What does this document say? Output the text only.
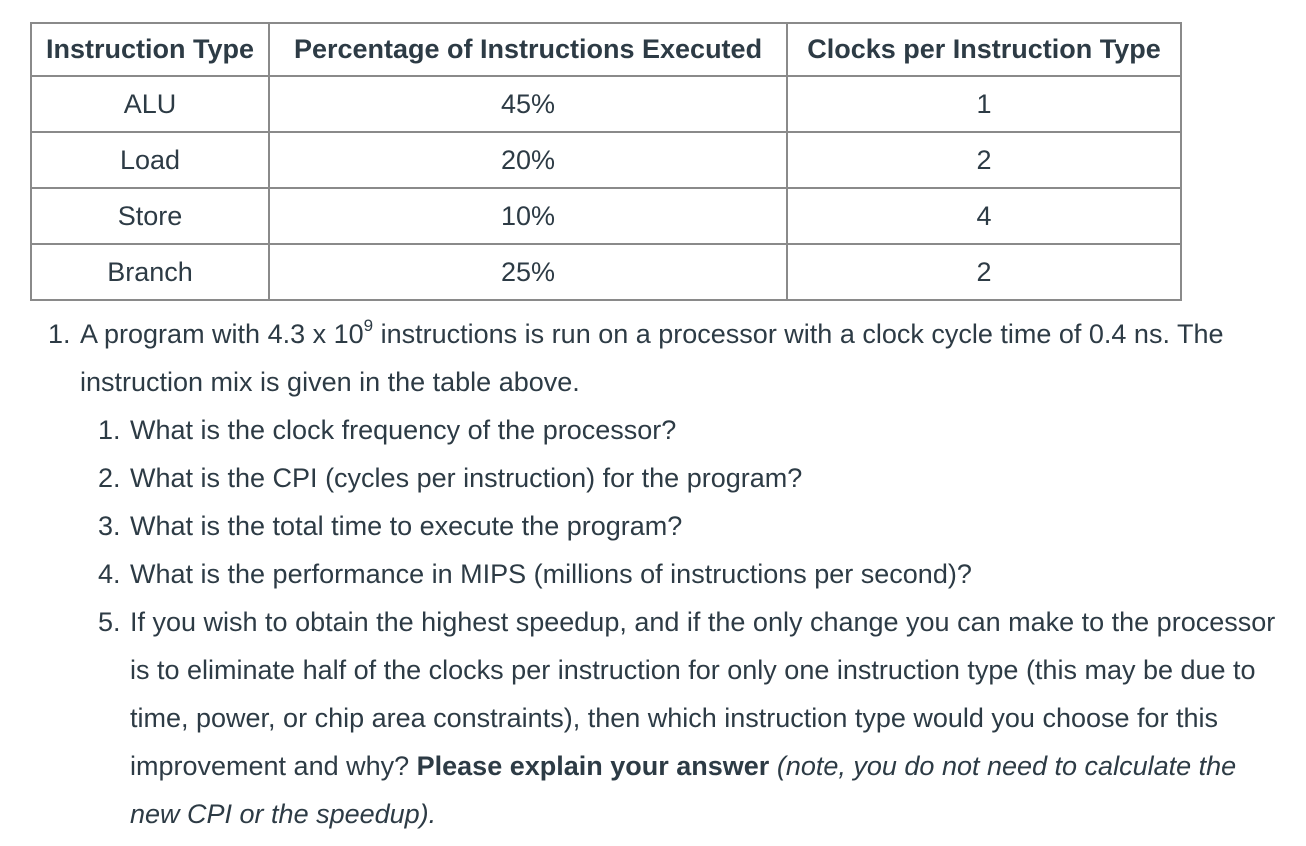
Instruction Type	Percentage of Instructions Executed	Clocks per Instruction Type
ALU	45%	1
Load	20%	2
Store	10%	4
Branch	25%	2
1. A program with 4.3 x $10^9$ instructions is run on a processor with a clock cycle time of 0.4 ns. The instruction mix is given in the table above.
1. What is the clock frequency of the processor?
2. What is the CPI (cycles per instruction) for the program?
3. What is the total time to execute the program?
4. What is the performance in MIPS (millions of instructions per second)?
5. If you wish to obtain the highest speedup, and if the only change you can make to the processor is to eliminate half of the clocks per instruction for only one instruction type (this may be due to time, power, or chip area constraints), then which instruction type would you choose for this improvement and why? Please explain your answer (note, you do not need to calculate the new CPI or the speedup).
